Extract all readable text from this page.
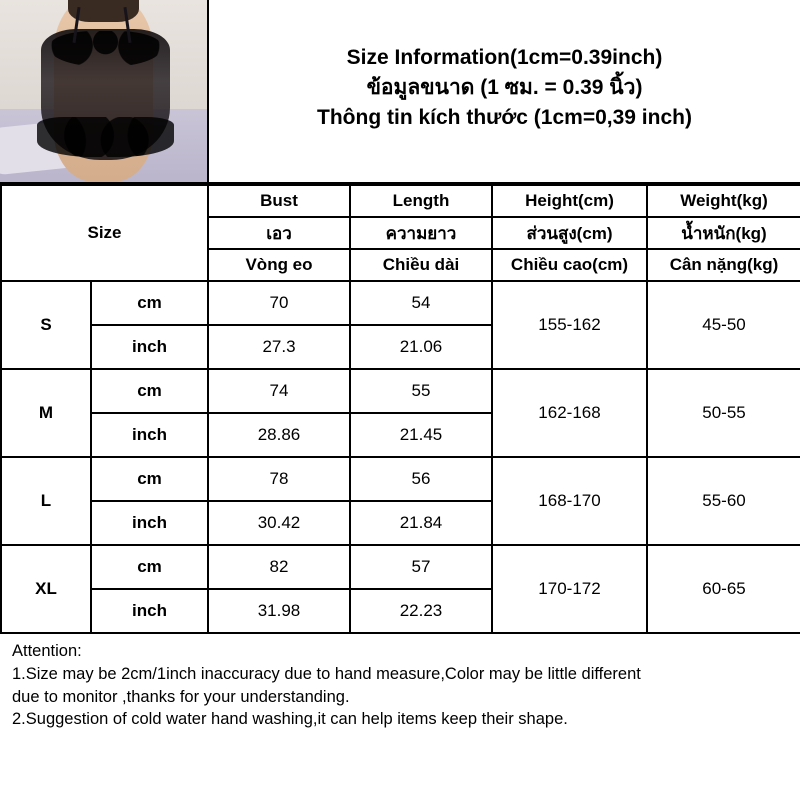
Size Information(1cm=0.39inch)
ข้อมูลขนาด (1 ซม. = 0.39 นิ้ว)
Thông tin kích thước (1cm=0,39 inch)
Size		Bust	Length	Height(cm)	Weight(kg)
		เอว	ความยาว	ส่วนสูง(cm)	น้ำหนัก(kg)
		Vòng eo	Chiều dài	Chiều cao(cm)	Cân nặng(kg)
S	cm	70	54	155-162	45-50
	inch	27.3	21.06		
M	cm	74	55	162-168	50-55
	inch	28.86	21.45		
L	cm	78	56	168-170	55-60
	inch	30.42	21.84		
XL	cm	82	57	170-172	60-65
	inch	31.98	22.23		

Attention:

1.Size may be 2cm/1inch inaccuracy due to hand measure,Color may be little different

due to monitor ,thanks for your understanding.

2.Suggestion of cold water hand washing,it can help items keep their shape.
